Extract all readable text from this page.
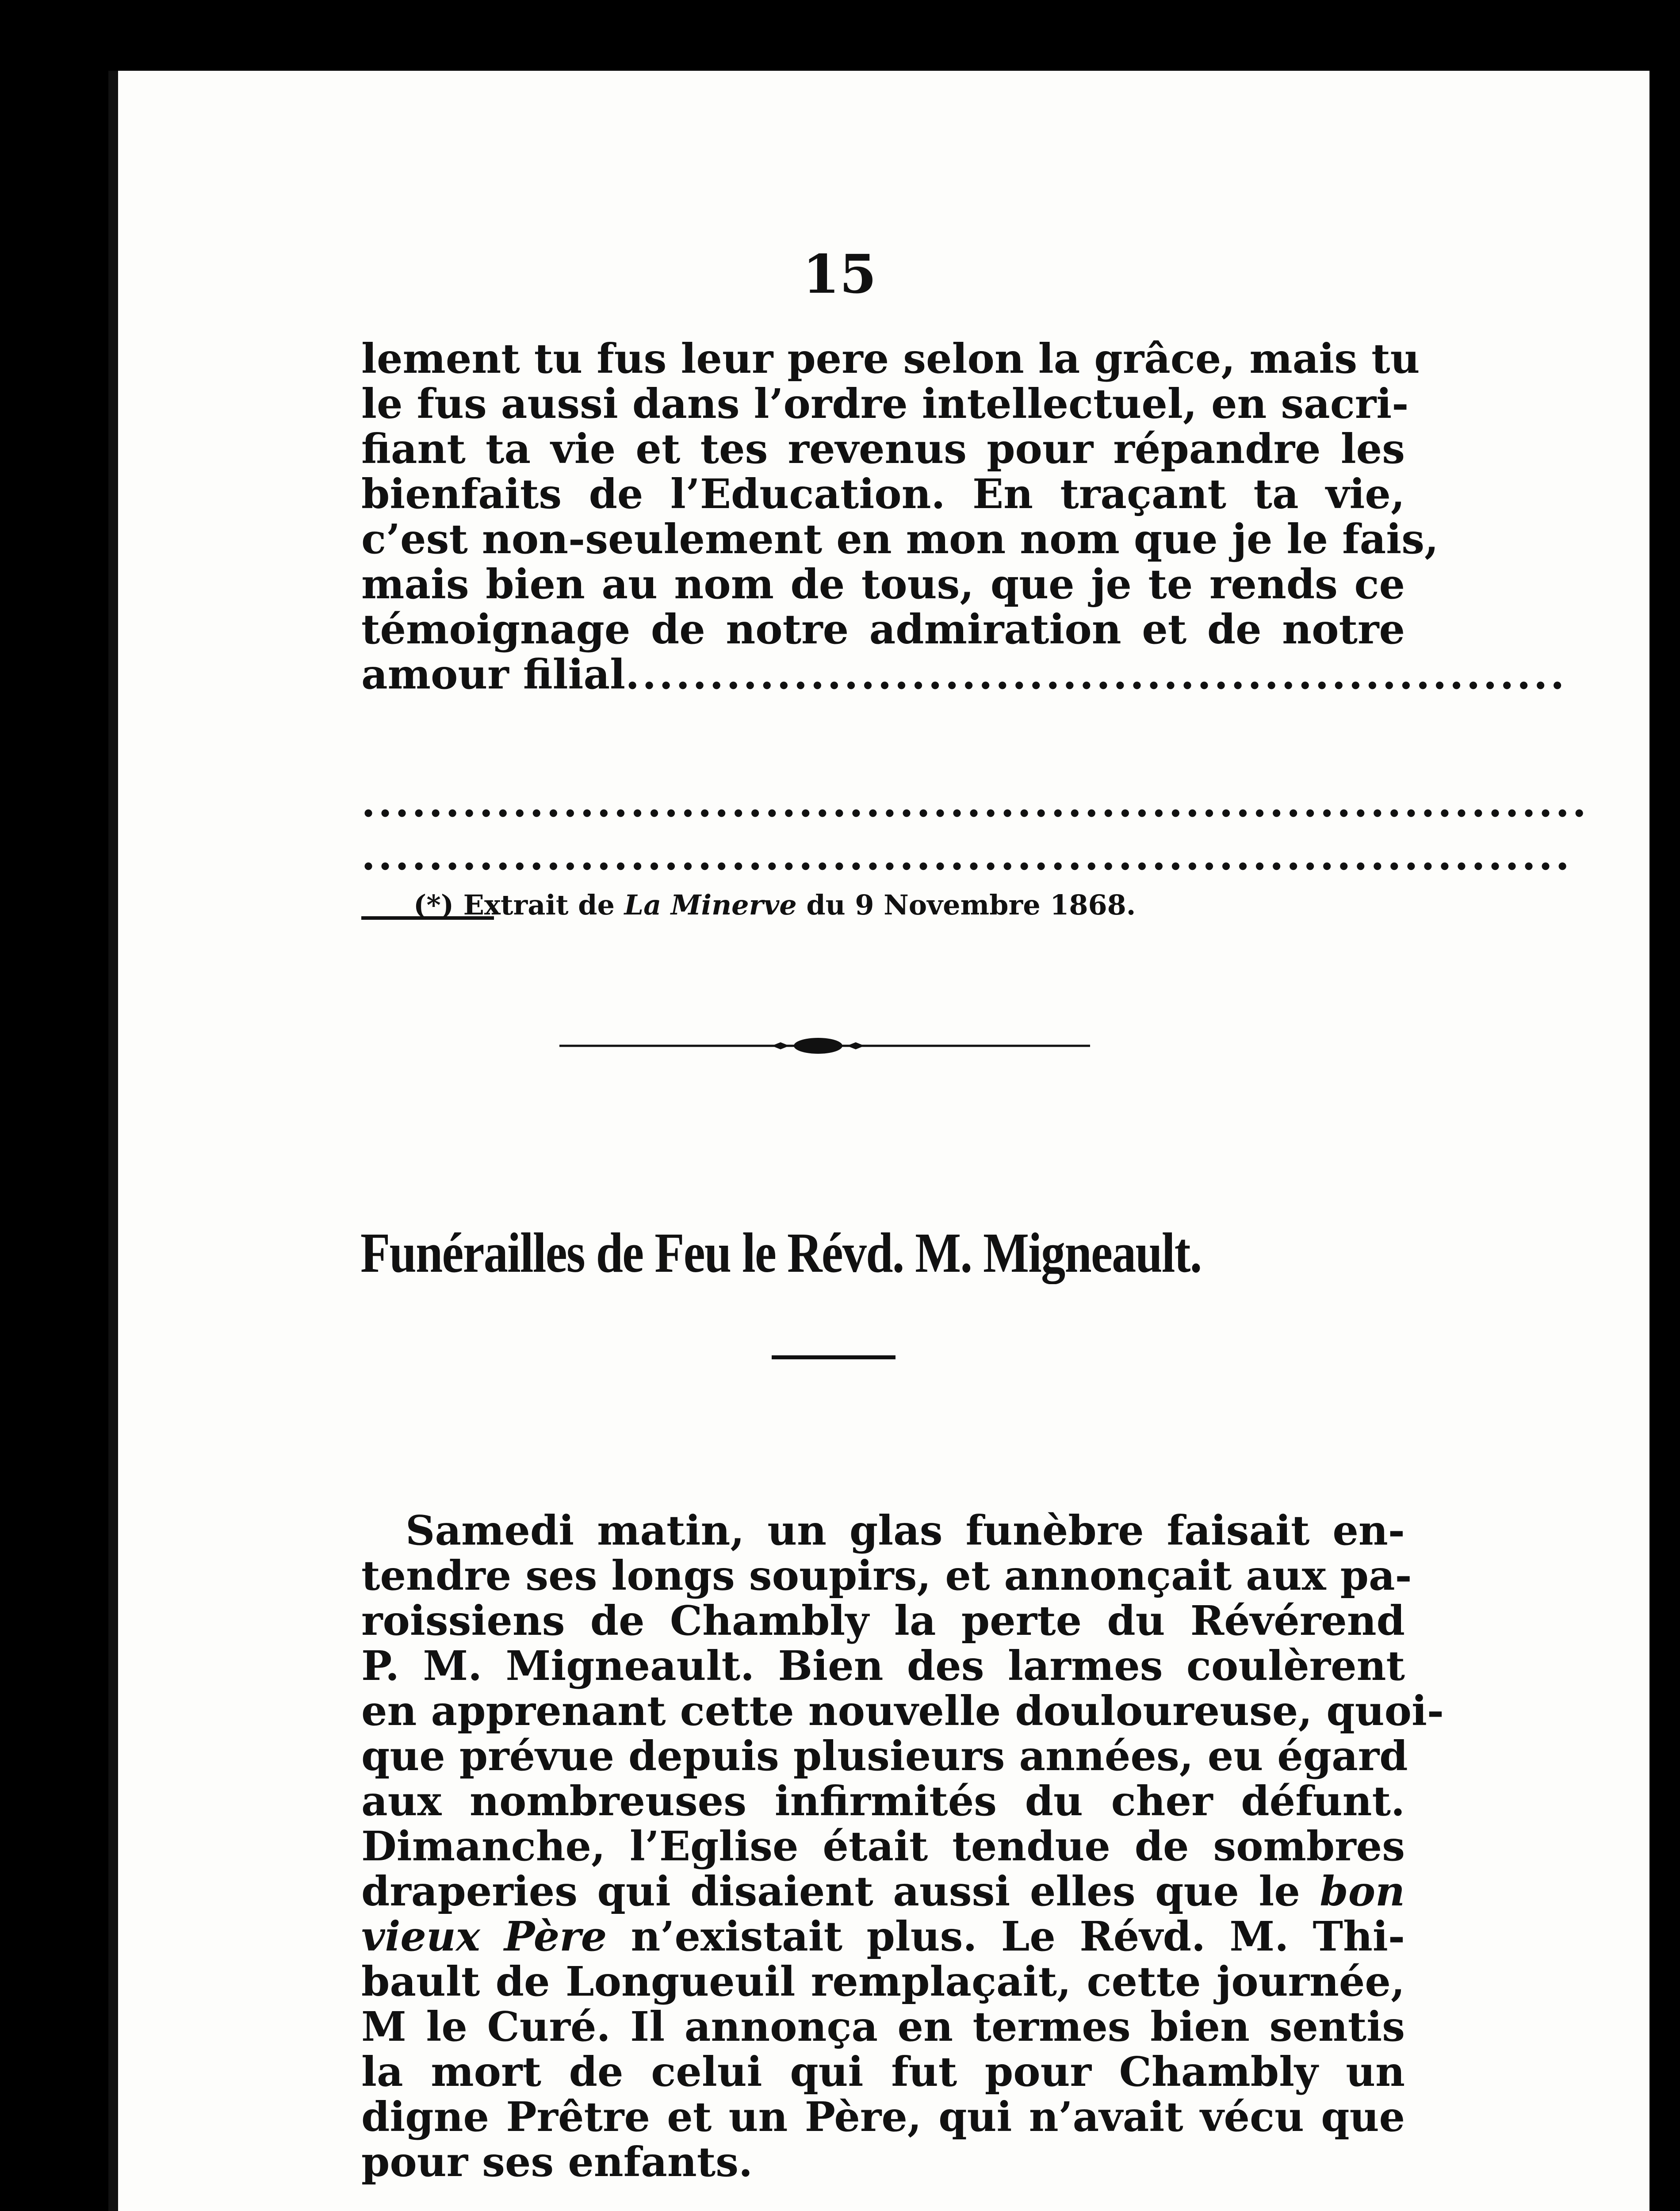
15
lement tu fus leur pere selon la grâce, mais tu
le fus aussi dans l’ordre intellectuel, en sacri-
fiant ta vie et tes revenus pour répandre les
bienfaits de l’Education. En traçant ta vie,
c’est non-seulement en mon nom que je le fais,
mais bien au nom de tous, que je te rends ce
témoignage de notre admiration et de notre
amour filial........................................................
.........................................................................
........................................................................
(*) Extrait de La Minerve du 9 Novembre 1868.
Funérailles de Feu le Révd. M. Migneault.
Samedi matin, un glas funèbre faisait en-
tendre ses longs soupirs, et annonçait aux pa-
roissiens de Chambly la perte du Révérend
P. M. Migneault. Bien des larmes coulèrent
en apprenant cette nouvelle douloureuse, quoi-
que prévue depuis plusieurs années, eu égard
aux nombreuses infirmités du cher défunt.
Dimanche, l’Eglise était tendue de sombres
draperies qui disaient aussi elles que le bon
vieux Père n’existait plus. Le Révd. M. Thi-
bault de Longueuil remplaçait, cette journée,
M le Curé. Il annonça en termes bien sentis
la mort de celui qui fut pour Chambly un
digne Prêtre et un Père, qui n’avait vécu que
pour ses enfants.
